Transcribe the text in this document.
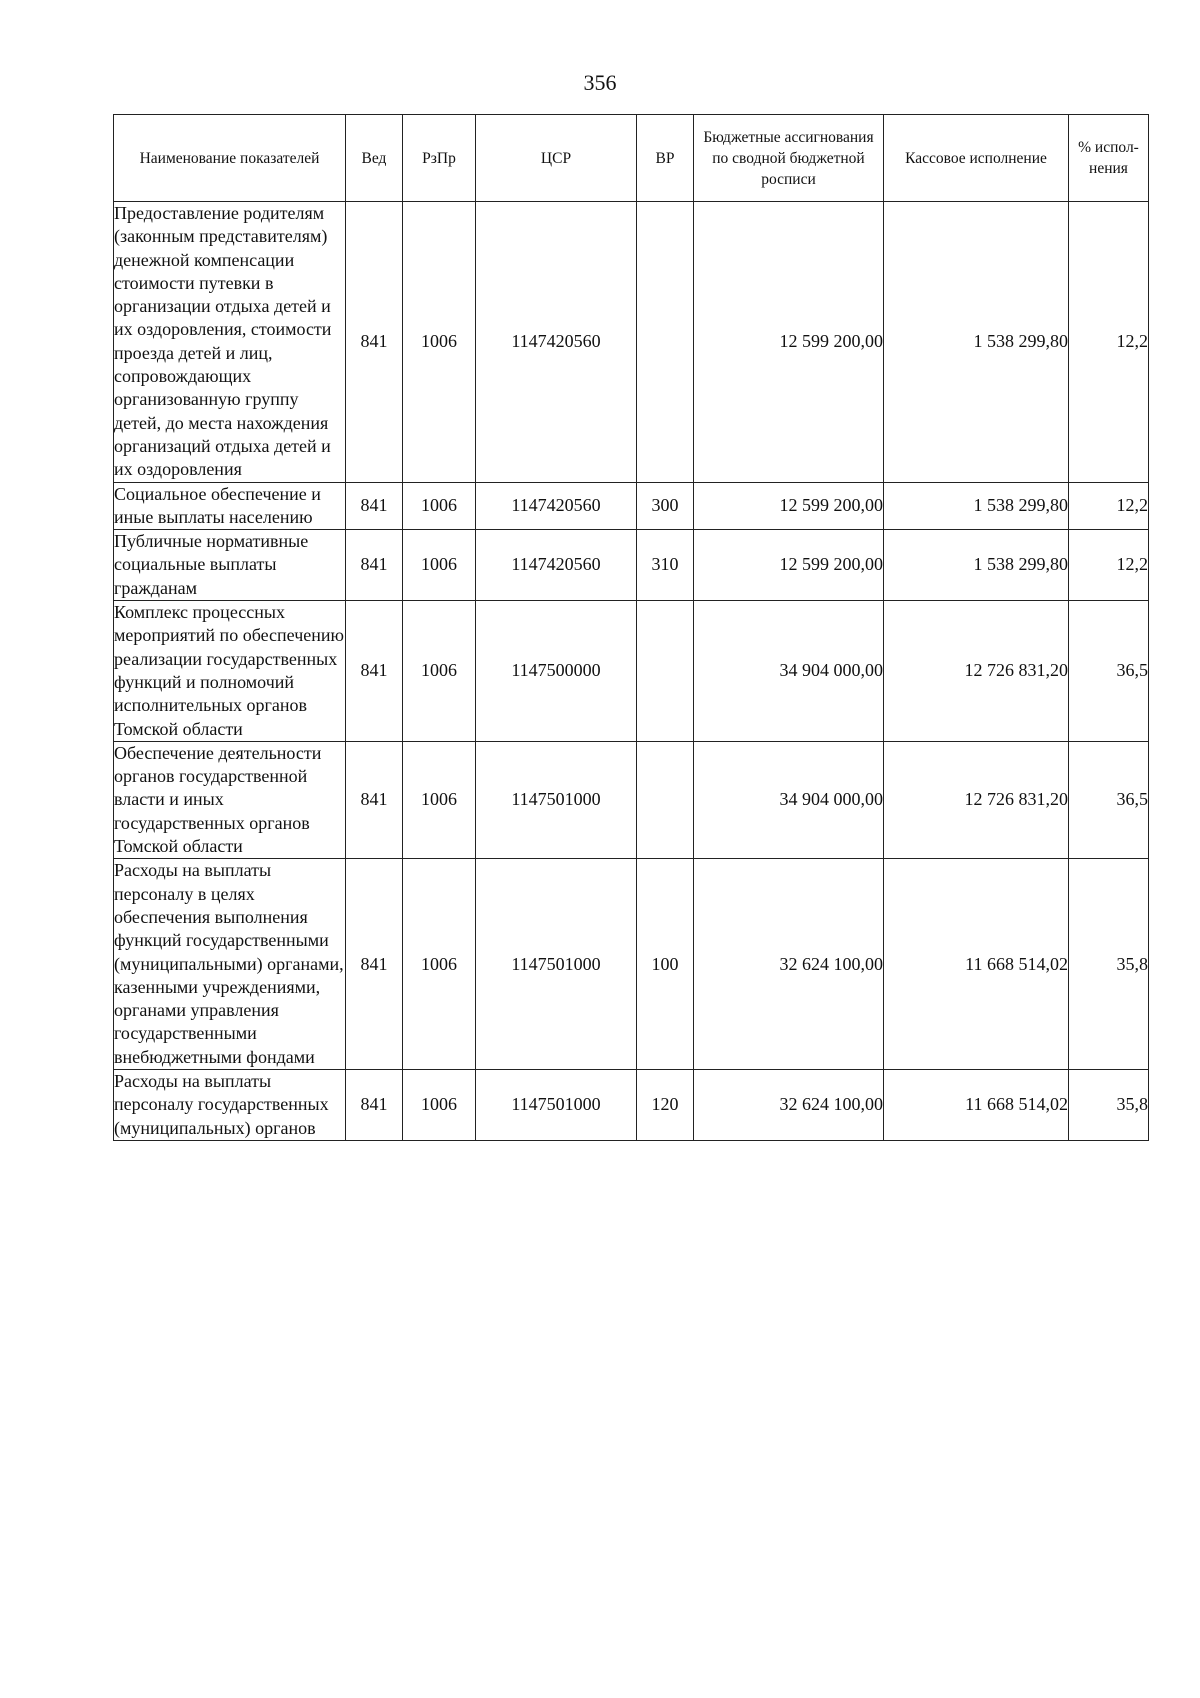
356
Наименование показателей	Вед	РзПр	ЦСР	ВР	Бюджетные ассигнования по сводной бюджетной росписи	Кассовое исполнение	% испол-нения
Предоставление родителям (законным представителям) денежной компенсации стоимости путевки в организации отдыха детей и их оздоровления, стоимости проезда детей и лиц, сопровождающих организованную группу детей, до места нахождения организаций отдыха детей и их оздоровления	841	1006	1147420560		12 599 200,00	1 538 299,80	12,2
Социальное обеспечение и иные выплаты населению	841	1006	1147420560	300	12 599 200,00	1 538 299,80	12,2
Публичные нормативные социальные выплаты гражданам	841	1006	1147420560	310	12 599 200,00	1 538 299,80	12,2
Комплекс процессных мероприятий по обеспечению реализации государственных функций и полномочий исполнительных органов Томской области	841	1006	1147500000		34 904 000,00	12 726 831,20	36,5
Обеспечение деятельности органов государственной власти и иных государственных органов Томской области	841	1006	1147501000		34 904 000,00	12 726 831,20	36,5
Расходы на выплаты персоналу в целях обеспечения выполнения функций государственными (муниципальными) органами, казенными учреждениями, органами управления государственными внебюджетными фондами	841	1006	1147501000	100	32 624 100,00	11 668 514,02	35,8
Расходы на выплаты персоналу государственных (муниципальных) органов	841	1006	1147501000	120	32 624 100,00	11 668 514,02	35,8
